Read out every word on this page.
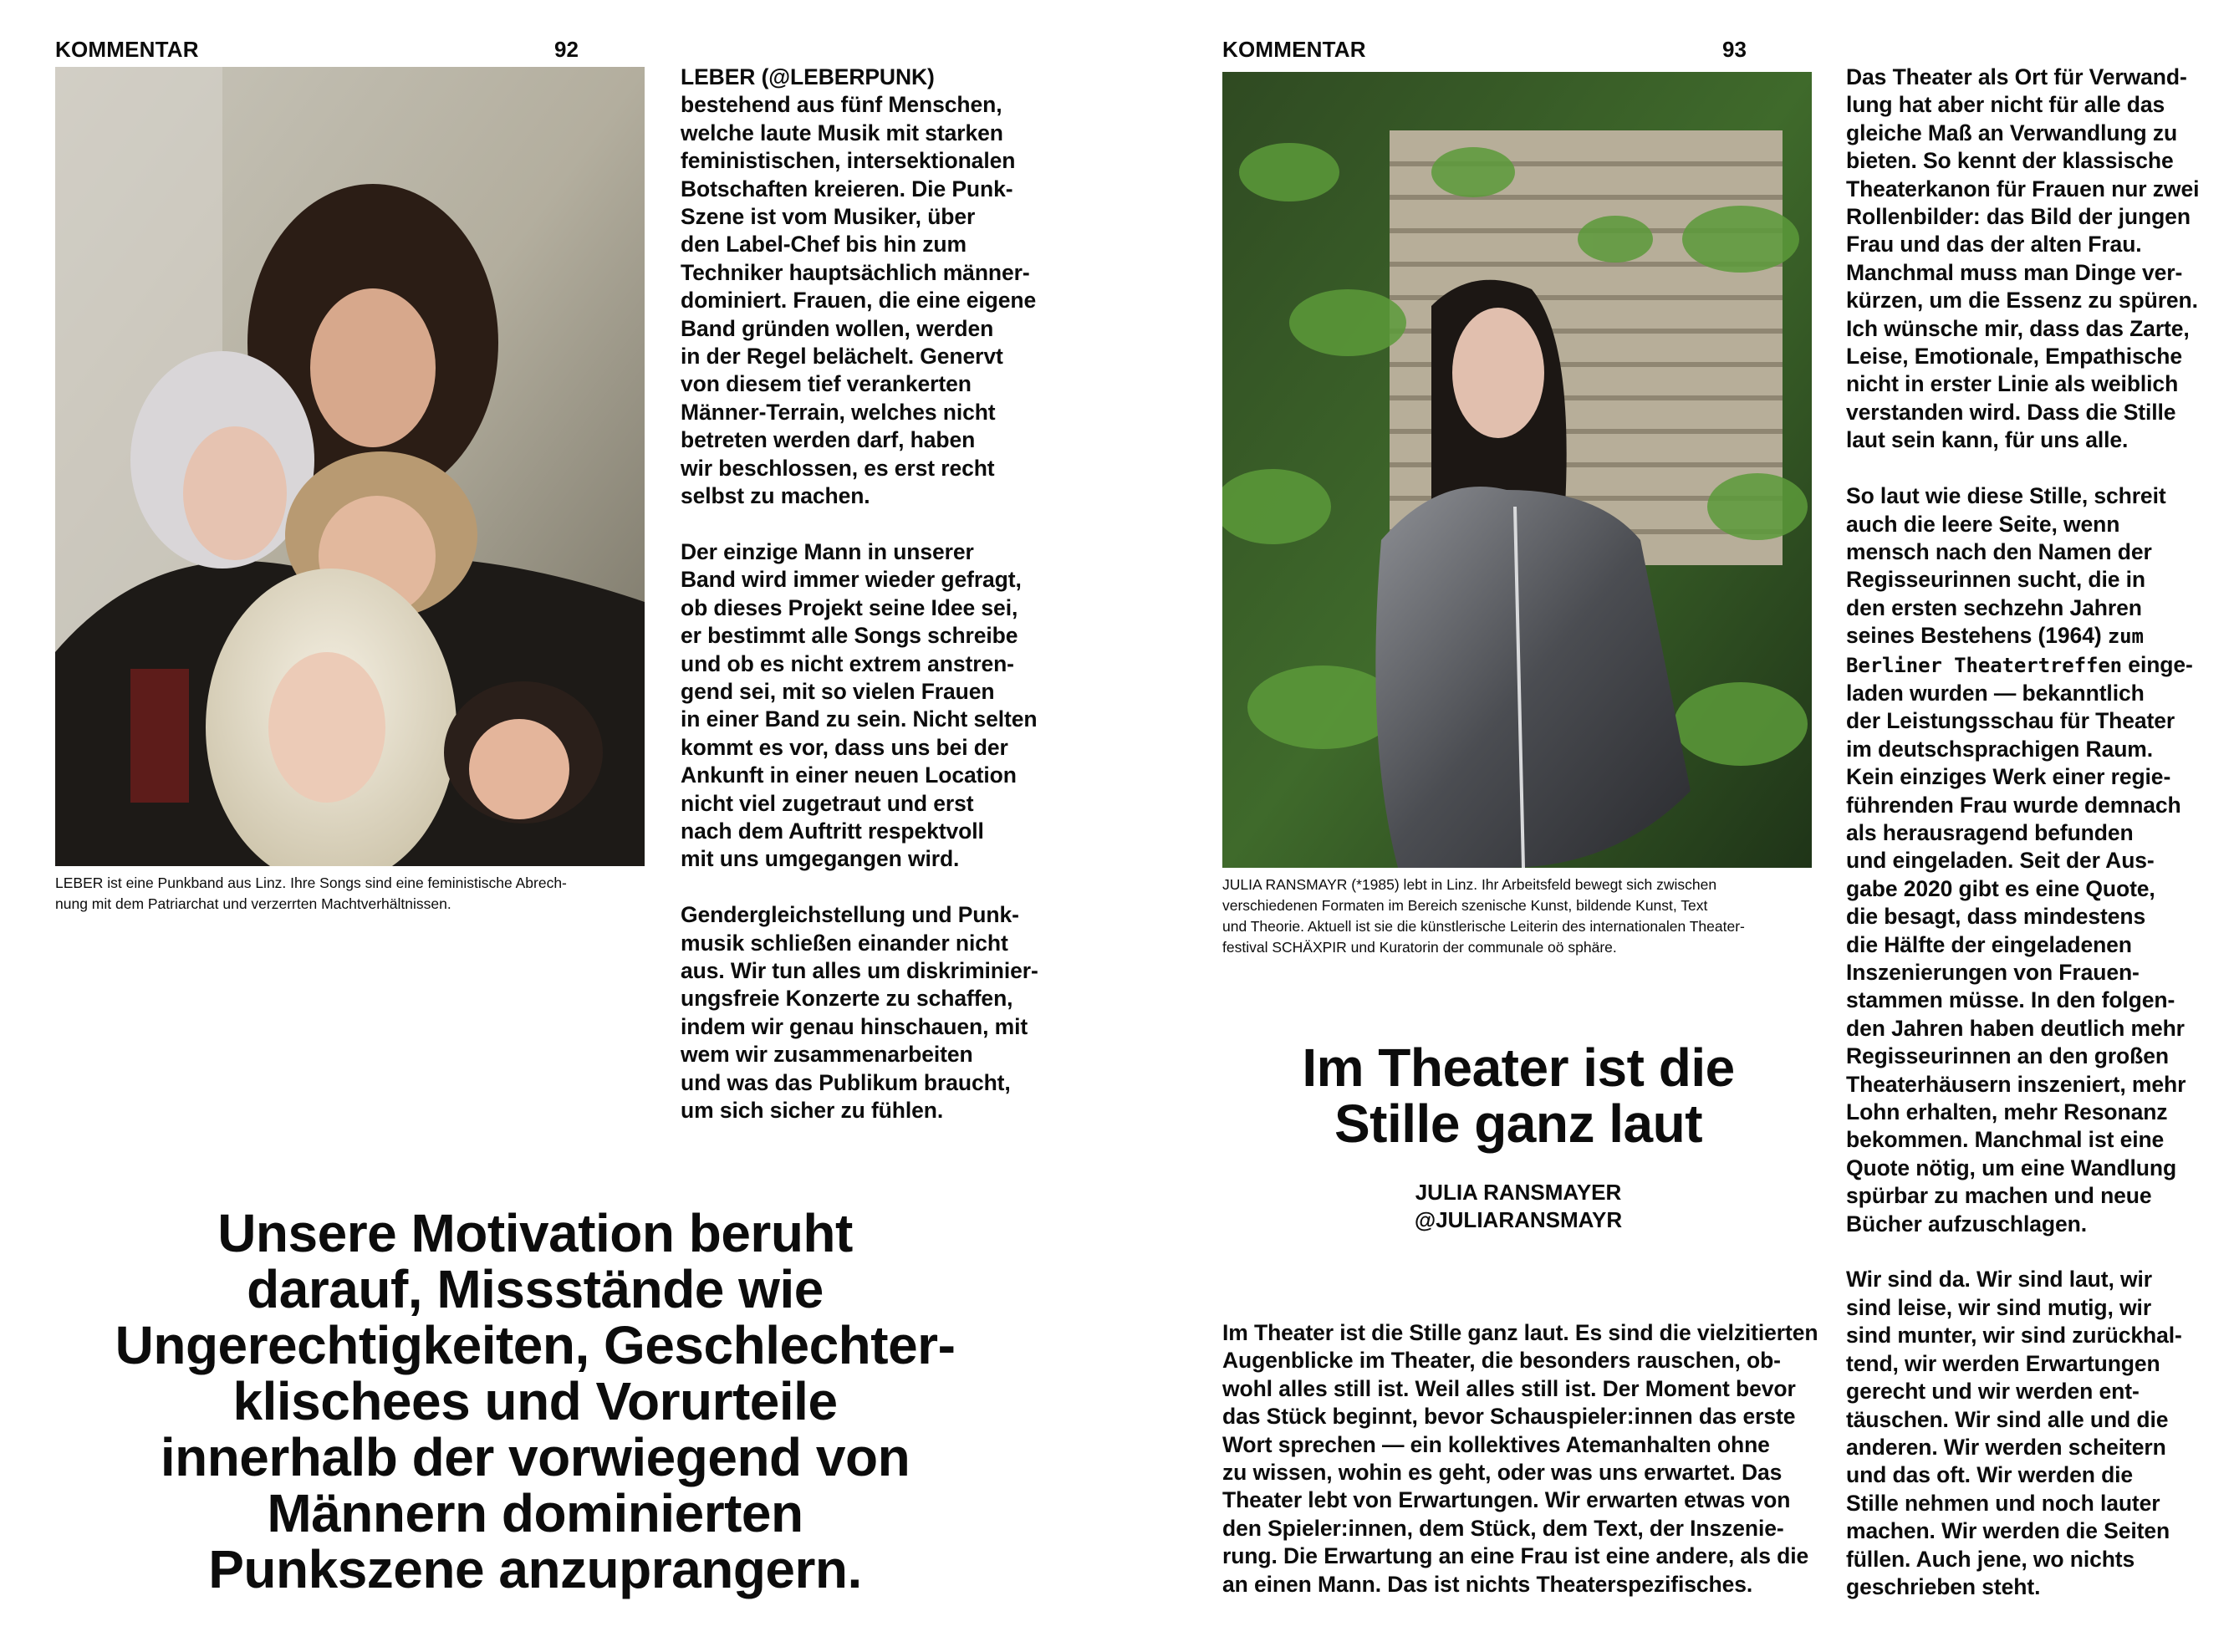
KOMMENTAR	92
LEBER ist eine Punkband aus Linz. Ihre Songs sind eine feministische Abrech-
nung mit dem Patriarchat und verzerrten Machtverhältnissen.
LEBER (@LEBERPUNK)
bestehend aus fünf Menschen,
welche laute Musik mit starken
feministischen, intersektionalen
Botschaften kreieren. Die Punk-
Szene ist vom Musiker, über
den Label-Chef bis hin zum
Techniker hauptsächlich männer-
dominiert. Frauen, die eine eigene
Band gründen wollen, werden
in der Regel belächelt. Genervt
von diesem tief verankerten
Männer-Terrain, welches nicht
betreten werden darf, haben
wir beschlossen, es erst recht
selbst zu machen.

Der einzige Mann in unserer
Band wird immer wieder gefragt,
ob dieses Projekt seine Idee sei,
er bestimmt alle Songs schreibe
und ob es nicht extrem anstren-
gend sei, mit so vielen Frauen
in einer Band zu sein. Nicht selten
kommt es vor, dass uns bei der
Ankunft in einer neuen Location
nicht viel zugetraut und erst
nach dem Auftritt respektvoll
mit uns umgegangen wird.

Gendergleichstellung und Punk-
musik schließen einander nicht
aus. Wir tun alles um diskriminier-
ungsfreie Konzerte zu schaffen,
indem wir genau hinschauen, mit
wem wir zusammenarbeiten
und was das Publikum braucht,
um sich sicher zu fühlen.
Unsere Motivation beruht
darauf, Missstände wie
Ungerechtigkeiten, Geschlechter-
klischees und Vorurteile
innerhalb der vorwiegend von
Männern dominierten
Punkszene anzuprangern.
KOMMENTAR	93
JULIA RANSMAYR (*1985) lebt in Linz. Ihr Arbeitsfeld bewegt sich zwischen
verschiedenen Formaten im Bereich szenische Kunst, bildende Kunst, Text
und Theorie. Aktuell ist sie die künstlerische Leiterin des internationalen Theater-
festival SCHÄXPIR und Kuratorin der communale oö sphäre.
Im Theater ist die
Stille ganz laut
JULIA RANSMAYER
@JULIARANSMAYR
Im Theater ist die Stille ganz laut. Es sind die vielzitierten
Augenblicke im Theater, die besonders rauschen, ob-
wohl alles still ist. Weil alles still ist. Der Moment bevor
das Stück beginnt, bevor Schauspieler:innen das erste
Wort sprechen — ein kollektives Atemanhalten ohne
zu wissen, wohin es geht, oder was uns erwartet. Das
Theater lebt von Erwartungen. Wir erwarten etwas von
den Spieler:innen, dem Stück, dem Text, der Inszenie-
rung. Die Erwartung an eine Frau ist eine andere, als die
an einen Mann. Das ist nichts Theaterspezifisches.
Das Theater als Ort für Verwand-
lung hat aber nicht für alle das
gleiche Maß an Verwandlung zu
bieten. So kennt der klassische
Theaterkanon für Frauen nur zwei
Rollenbilder: das Bild der jungen
Frau und das der alten Frau.
Manchmal muss man Dinge ver-
kürzen, um die Essenz zu spüren.
Ich wünsche mir, dass das Zarte,
Leise, Emotionale, Empathische
nicht in erster Linie als weiblich
verstanden wird. Dass die Stille
laut sein kann, für uns alle.

So laut wie diese Stille, schreit
auch die leere Seite, wenn
mensch nach den Namen der
Regisseurinnen sucht, die in
den ersten sechzehn Jahren
seines Bestehens (1964) zum
Berliner Theatertreffen einge-
laden wurden — bekanntlich
der Leistungsschau für Theater
im deutschsprachigen Raum.
Kein einziges Werk einer regie-
führenden Frau wurde demnach
als herausragend befunden
und eingeladen. Seit der Aus-
gabe 2020 gibt es eine Quote,
die besagt, dass mindestens
die Hälfte der eingeladenen
Inszenierungen von Frauen-
stammen müsse. In den folgen-
den Jahren haben deutlich mehr
Regisseurinnen an den großen
Theaterhäusern inszeniert, mehr
Lohn erhalten, mehr Resonanz
bekommen. Manchmal ist eine
Quote nötig, um eine Wandlung
spürbar zu machen und neue
Bücher aufzuschlagen.

Wir sind da. Wir sind laut, wir
sind leise, wir sind mutig, wir
sind munter, wir sind zurückhal-
tend, wir werden Erwartungen
gerecht und wir werden ent-
täuschen. Wir sind alle und die
anderen. Wir werden scheitern
und das oft. Wir werden die
Stille nehmen und noch lauter
machen. Wir werden die Seiten
füllen. Auch jene, wo nichts
geschrieben steht.
